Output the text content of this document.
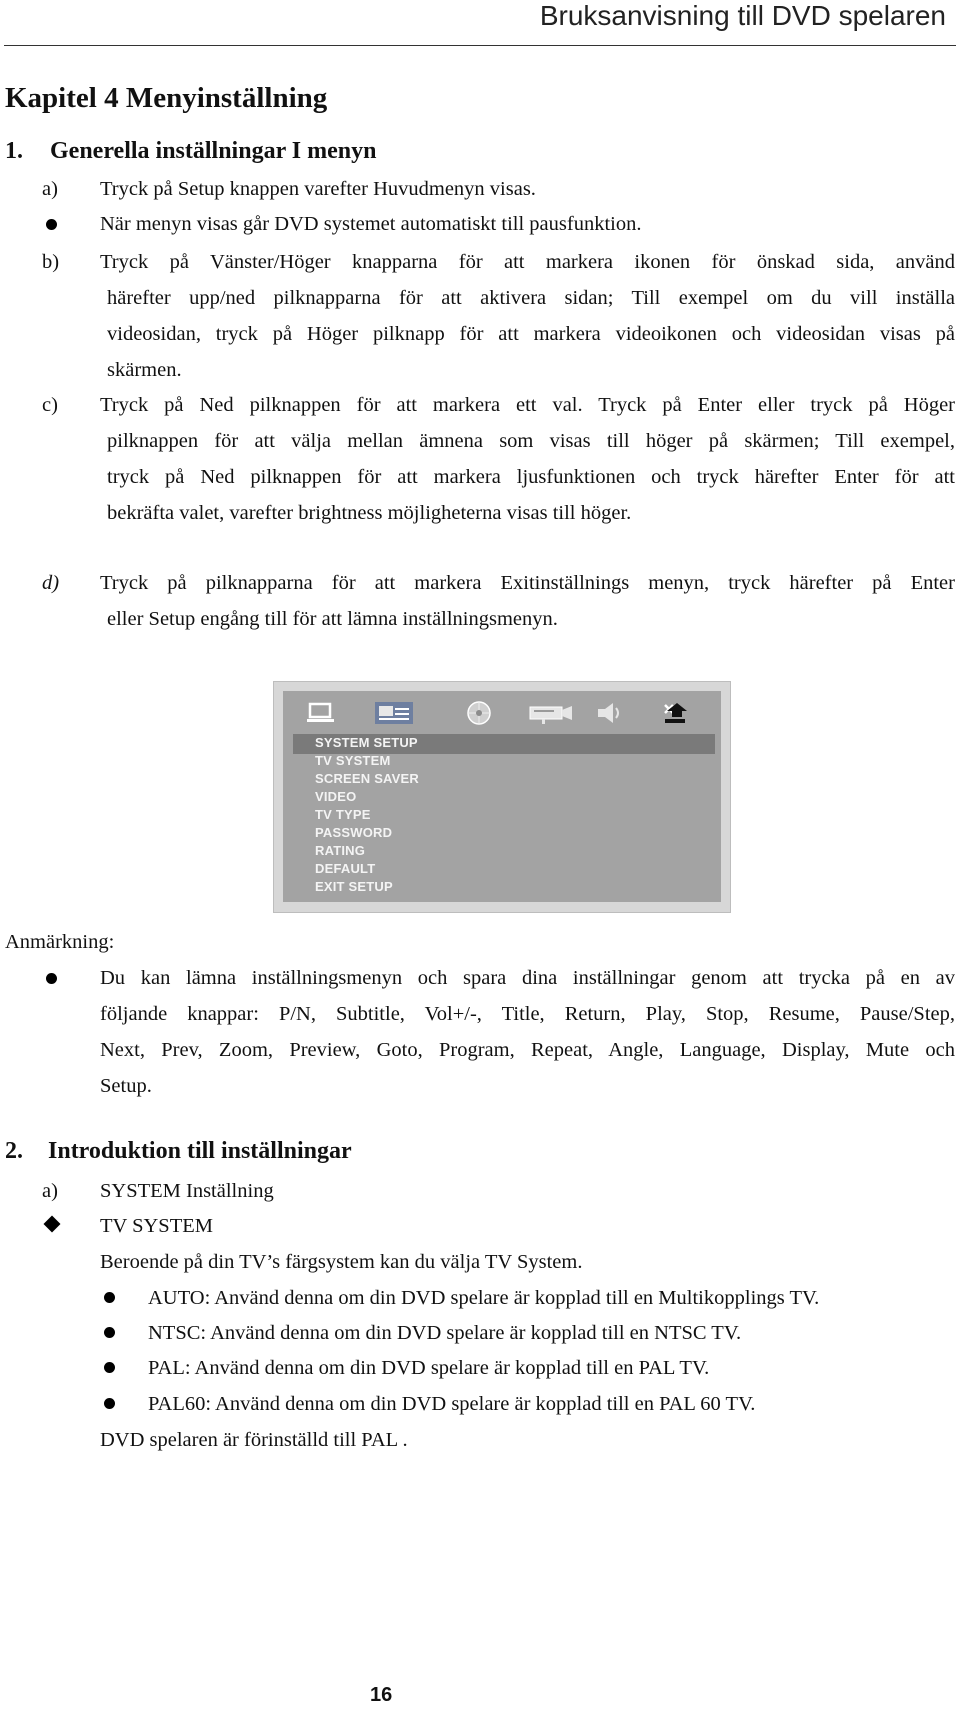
Bruksanvisning till DVD spelaren
Kapitel 4 Menyinställning
1. Generella inställningar I menyn
a) Tryck på Setup knappen varefter Huvudmenyn visas.
När menyn visas går DVD systemet automatiskt till pausfunktion.
b) Tryck på Vänster/Höger knapparna för att markera ikonen för önskad sida, använd
härefter upp/ned pilknapparna för att aktivera sidan; Till exempel om du vill inställa
videosidan, tryck på Höger pilknapp för att markera videoikonen och videosidan visas på
skärmen.
c) Tryck på Ned pilknappen för att markera ett val. Tryck på Enter eller tryck på Höger
pilknappen för att välja mellan ämnena som visas till höger på skärmen; Till exempel,
tryck på Ned pilknappen för att markera ljusfunktionen och tryck härefter Enter för att
bekräfta valet, varefter brightness möjligheterna visas till höger.
d) Tryck på pilknapparna för att markera Exitinställnings menyn, tryck härefter på Enter
eller Setup engång till för att lämna inställningsmenyn.
SYSTEM SETUP
TV SYSTEM
SCREEN SAVER
VIDEO
TV TYPE
PASSWORD
RATING
DEFAULT
EXIT SETUP
Anmärkning:
Du kan lämna inställningsmenyn och spara dina inställningar genom att trycka på en av
följande knappar: P/N, Subtitle, Vol+/-, Title, Return, Play, Stop, Resume, Pause/Step,
Next, Prev, Zoom, Preview, Goto, Program, Repeat, Angle, Language, Display, Mute och
Setup.
2. Introduktion till inställningar
a) SYSTEM Inställning
TV SYSTEM
Beroende på din TV’s färgsystem kan du välja TV System.
AUTO: Använd denna om din DVD spelare är kopplad till en Multikopplings TV.
NTSC: Använd denna om din DVD spelare är kopplad till en NTSC TV.
PAL: Använd denna om din DVD spelare är kopplad till en PAL TV.
PAL60: Använd denna om din DVD spelare är kopplad till en PAL 60 TV.
DVD spelaren är förinställd till PAL .
16
